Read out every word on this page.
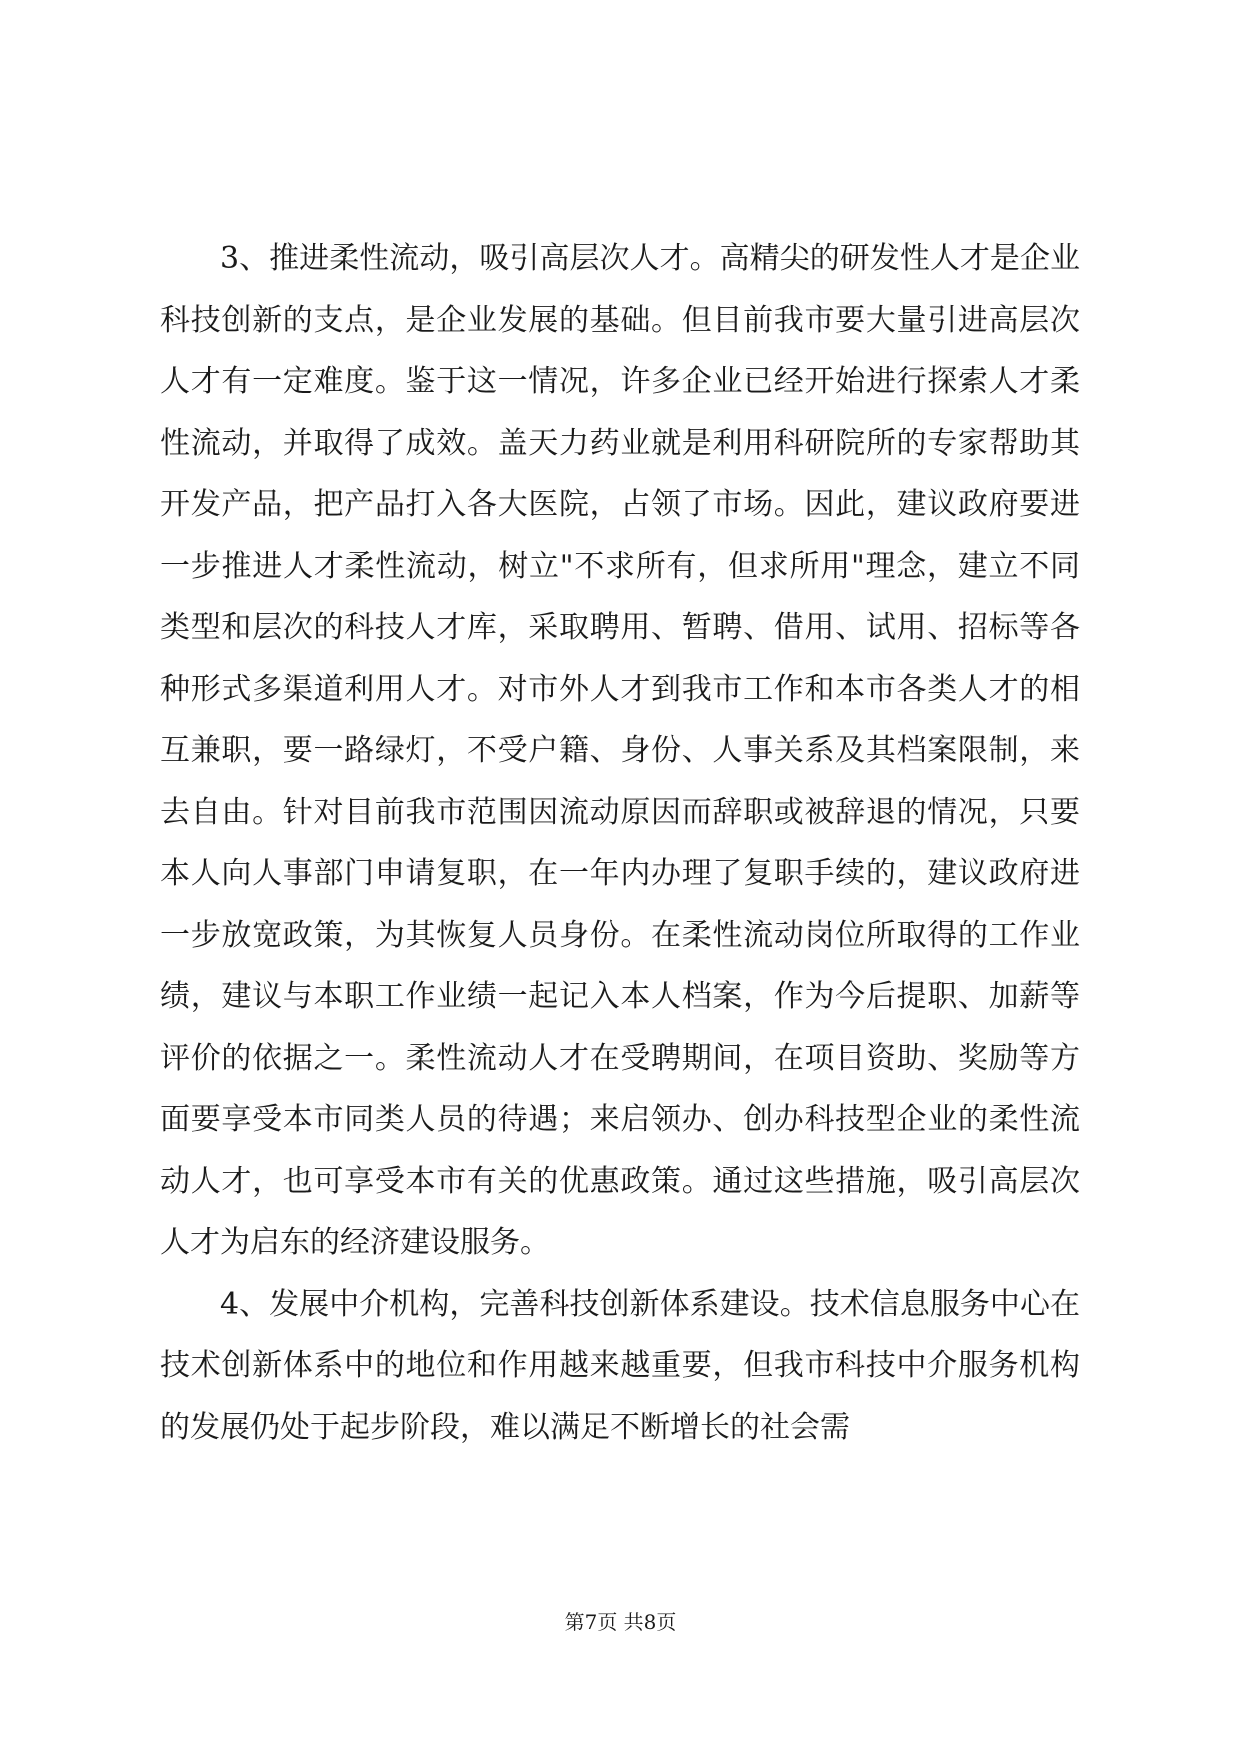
3、推进柔性流动，吸引高层次人才。高精尖的研发性人才是企业科技创新的支点，是企业发展的基础。但目前我市要大量引进高层次人才有一定难度。鉴于这一情况，许多企业已经开始进行探索人才柔性流动，并取得了成效。盖天力药业就是利用科研院所的专家帮助其开发产品，把产品打入各大医院，占领了市场。因此，建议政府要进一步推进人才柔性流动，树立"不求所有，但求所用"理念，建立不同类型和层次的科技人才库，采取聘用、暂聘、借用、试用、招标等各种形式多渠道利用人才。对市外人才到我市工作和本市各类人才的相互兼职，要一路绿灯，不受户籍、身份、人事关系及其档案限制，来去自由。针对目前我市范围因流动原因而辞职或被辞退的情况，只要本人向人事部门申请复职，在一年内办理了复职手续的，建议政府进一步放宽政策，为其恢复人员身份。在柔性流动岗位所取得的工作业绩，建议与本职工作业绩一起记入本人档案，作为今后提职、加薪等评价的依据之一。柔性流动人才在受聘期间，在项目资助、奖励等方面要享受本市同类人员的待遇；来启领办、创办科技型企业的柔性流动人才，也可享受本市有关的优惠政策。通过这些措施，吸引高层次人才为启东的经济建设服务。

4、发展中介机构，完善科技创新体系建设。技术信息服务中心在技术创新体系中的地位和作用越来越重要，但我市科技中介服务机构的发展仍处于起步阶段，难以满足不断增长的社会需

第7页 共8页
